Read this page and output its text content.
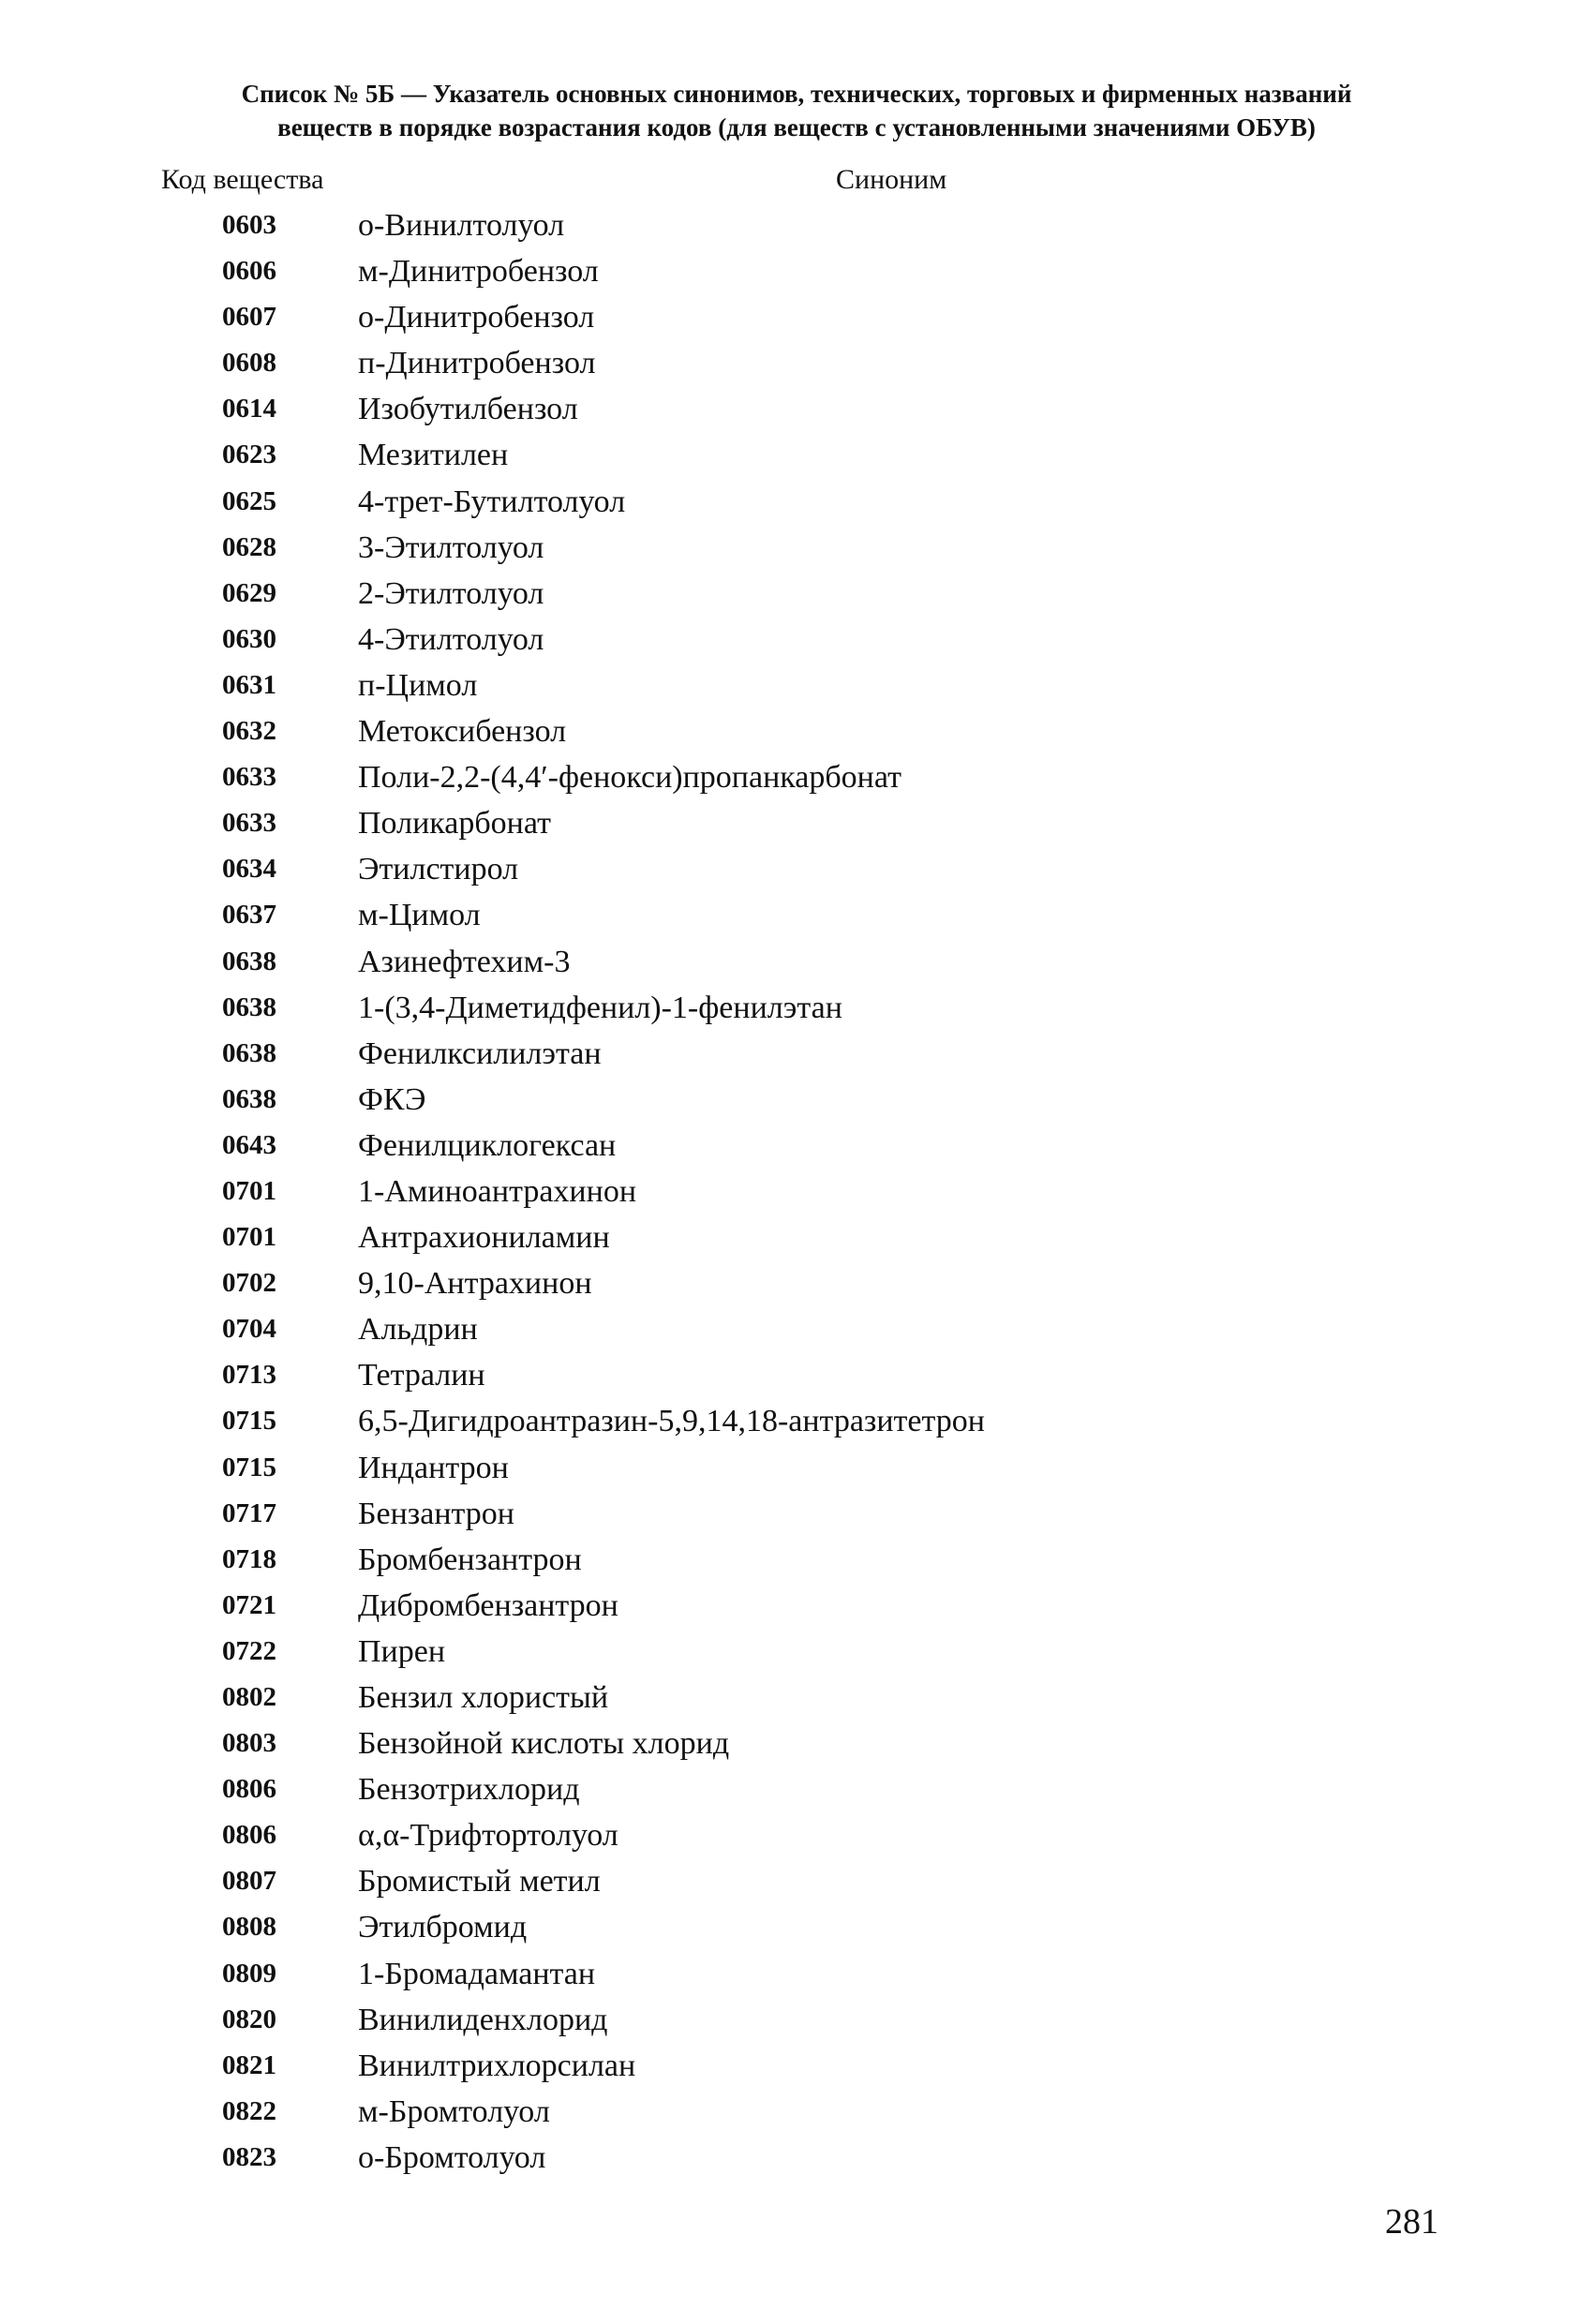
Список № 5Б — Указатель основных синонимов, технических, торговых и фирменных названий
веществ в порядке возрастания кодов (для веществ с установленными значениями ОБУВ)
Код вещества	Синоним
0603	о-Винилтолуол
0606	м-Динитробензол
0607	о-Динитробензол
0608	п-Динитробензол
0614	Изобутилбензол
0623	Мезитилен
0625	4-трет-Бутилтолуол
0628	3-Этилтолуол
0629	2-Этилтолуол
0630	4-Этилтолуол
0631	п-Цимол
0632	Метоксибензол
0633	Поли-2,2-(4,4′-фенокси)пропанкарбонат
0633	Поликарбонат
0634	Этилстирол
0637	м-Цимол
0638	Азинефтехим-3
0638	1-(3,4-Диметидфенил)-1-фенилэтан
0638	Фенилксилилэтан
0638	ФКЭ
0643	Фенилциклогексан
0701	1-Аминоантрахинон
0701	Антрахиониламин
0702	9,10-Антрахинон
0704	Альдрин
0713	Тетралин
0715	6,5-Дигидроантразин-5,9,14,18-антразитетрон
0715	Индантрон
0717	Бензантрон
0718	Бромбензантрон
0721	Дибромбензантрон
0722	Пирен
0802	Бензил хлористый
0803	Бензойной кислоты хлорид
0806	Бензотрихлорид
0806	α,α-Трифтортолуол
0807	Бромистый метил
0808	Этилбромид
0809	1-Бромадамантан
0820	Винилиденхлорид
0821	Винилтрихлорсилан
0822	м-Бромтолуол
0823	о-Бромтолуол
281
